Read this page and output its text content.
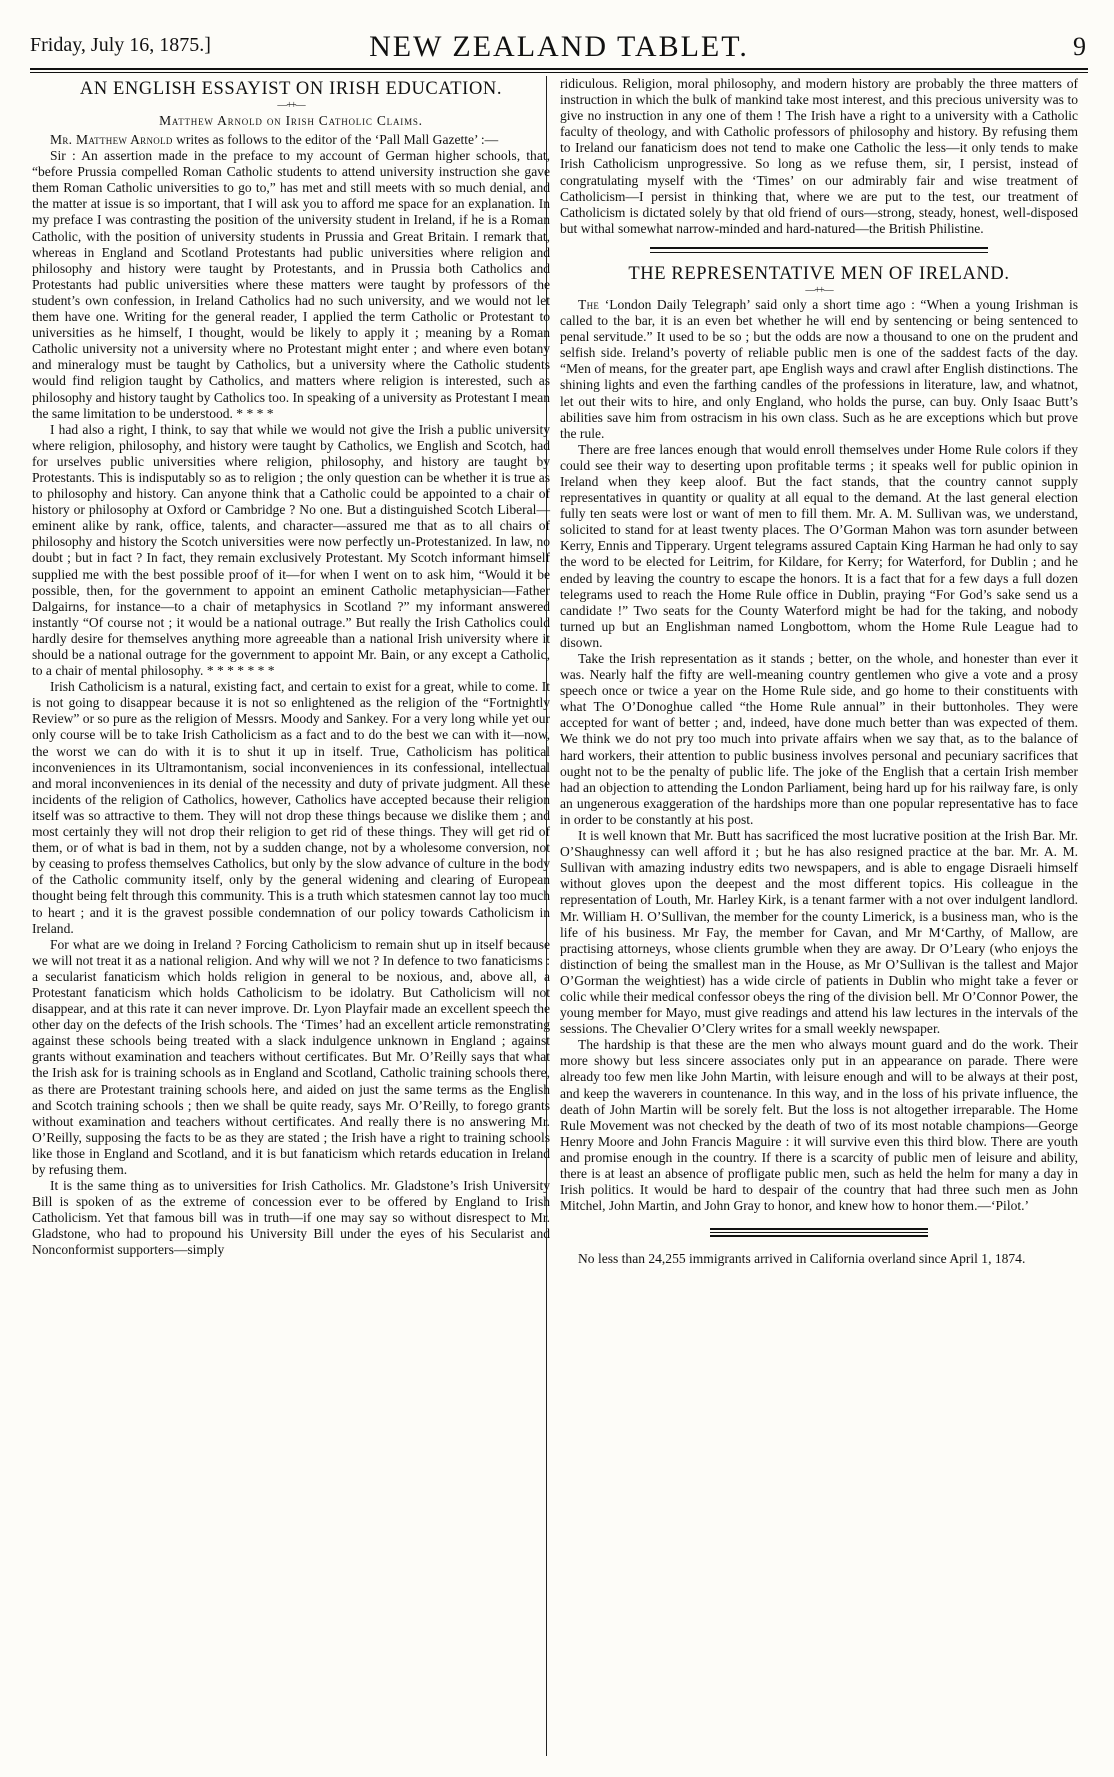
Friday, July 16, 1875.]	NEW ZEALAND TABLET.	9
AN ENGLISH ESSAYIST ON IRISH EDUCATION.
—++—
Matthew Arnold on Irish Catholic Claims.

Mr. Matthew Arnold writes as follows to the editor of the ‘Pall Mall Gazette’ :—

Sir : An assertion made in the preface to my account of German higher schools, that, “before Prussia compelled Roman Catholic students to attend university instruction she gave them Roman Catholic universities to go to,” has met and still meets with so much denial, and the matter at issue is so important, that I will ask you to afford me space for an explanation. In my preface I was contrasting the position of the university student in Ireland, if he is a Roman Catholic, with the position of university students in Prussia and Great Britain. I remark that, whereas in England and Scotland Protestants had public universities where religion and philosophy and history were taught by Protestants, and in Prussia both Catholics and Protestants had public universities where these matters were taught by professors of the student’s own confession, in Ireland Catholics had no such university, and we would not let them have one. Writing for the general reader, I applied the term Catholic or Protestant to universities as he himself, I thought, would be likely to apply it ; meaning by a Roman Catholic university not a university where no Protestant might enter ; and where even botany and mineralogy must be taught by Catholics, but a university where the Catholic students would find religion taught by Catholics, and matters where religion is interested, such as philosophy and history taught by Catholics too. In speaking of a university as Protestant I mean the same limitation to be understood. * * * *

I had also a right, I think, to say that while we would not give the Irish a public university where religion, philosophy, and history were taught by Catholics, we English and Scotch, had for urselves public universities where religion, philosophy, and history are taught by Protestants. This is indisputably so as to religion ; the only question can be whether it is true as to philosophy and history. Can anyone think that a Catholic could be appointed to a chair of history or philosophy at Oxford or Cambridge ? No one. But a distinguished Scotch Liberal—eminent alike by rank, office, talents, and character—assured me that as to all chairs of philosophy and history the Scotch universities were now perfectly un-Protestanized. In law, no doubt ; but in fact ? In fact, they remain exclusively Protestant. My Scotch informant himself supplied me with the best possible proof of it—for when I went on to ask him, “Would it be possible, then, for the government to appoint an eminent Catholic metaphysician—Father Dalgairns, for instance—to a chair of metaphysics in Scotland ?” my informant answered instantly “Of course not ; it would be a national outrage.” But really the Irish Catholics could hardly desire for themselves anything more agreeable than a national Irish university where it should be a national outrage for the government to appoint Mr. Bain, or any except a Catholic, to a chair of mental philosophy. * * * * * * *

Irish Catholicism is a natural, existing fact, and certain to exist for a great, while to come. It is not going to disappear because it is not so enlightened as the religion of the “Fortnightly Review” or so pure as the religion of Messrs. Moody and Sankey. For a very long while yet our only course will be to take Irish Catholicism as a fact and to do the best we can with it—now, the worst we can do with it is to shut it up in itself. True, Catholicism has political inconveniences in its Ultramontanism, social inconveniences in its confessional, intellectual and moral inconveniences in its denial of the necessity and duty of private judgment. All these incidents of the religion of Catholics, however, Catholics have accepted because their religion itself was so attractive to them. They will not drop these things because we dislike them ; and most certainly they will not drop their religion to get rid of these things. They will get rid of them, or of what is bad in them, not by a sudden change, not by a wholesome conversion, not by ceasing to profess themselves Catholics, but only by the slow advance of culture in the body of the Catholic community itself, only by the general widening and clearing of European thought being felt through this community. This is a truth which statesmen cannot lay too much to heart ; and it is the gravest possible condemnation of our policy towards Catholicism in Ireland.

For what are we doing in Ireland ? Forcing Catholicism to remain shut up in itself because we will not treat it as a national religion. And why will we not ? In defence to two fanaticisms : a secularist fanaticism which holds religion in general to be noxious, and, above all, a Protestant fanaticism which holds Catholicism to be idolatry. But Catholicism will not disappear, and at this rate it can never improve. Dr. Lyon Playfair made an excellent speech the other day on the defects of the Irish schools. The ‘Times’ had an excellent article remonstrating against these schools being treated with a slack indulgence unknown in England ; against grants without examination and teachers without certificates. But Mr. O’Reilly says that what the Irish ask for is training schools as in England and Scotland, Catholic training schools there, as there are Protestant training schools here, and aided on just the same terms as the English and Scotch training schools ; then we shall be quite ready, says Mr. O’Reilly, to forego grants without examination and teachers without certificates. And really there is no answering Mr. O’Reilly, supposing the facts to be as they are stated ; the Irish have a right to training schools like those in England and Scotland, and it is but fanaticism which retards education in Ireland by refusing them.

It is the same thing as to universities for Irish Catholics. Mr. Gladstone’s Irish University Bill is spoken of as the extreme of concession ever to be offered by England to Irish Catholicism. Yet that famous bill was in truth—if one may say so without disrespect to Mr. Gladstone, who had to propound his University Bill under the eyes of his Secularist and Nonconformist supporters—simply

ridiculous. Religion, moral philosophy, and modern history are probably the three matters of instruction in which the bulk of mankind take most interest, and this precious university was to give no instruction in any one of them ! The Irish have a right to a university with a Catholic faculty of theology, and with Catholic professors of philosophy and history. By refusing them to Ireland our fanaticism does not tend to make one Catholic the less—it only tends to make Irish Catholicism unprogressive. So long as we refuse them, sir, I persist, instead of congratulating myself with the ‘Times’ on our admirably fair and wise treatment of Catholicism—I persist in thinking that, where we are put to the test, our treatment of Catholicism is dictated solely by that old friend of ours—strong, steady, honest, well-disposed but withal somewhat narrow-minded and hard-natured—the British Philistine.

THE REPRESENTATIVE MEN OF IRELAND.
—++—

The ‘London Daily Telegraph’ said only a short time ago : “When a young Irishman is called to the bar, it is an even bet whether he will end by sentencing or being sentenced to penal servitude.” It used to be so ; but the odds are now a thousand to one on the prudent and selfish side. Ireland’s poverty of reliable public men is one of the saddest facts of the day. “Men of means, for the greater part, ape English ways and crawl after English distinctions. The shining lights and even the farthing candles of the professions in literature, law, and whatnot, let out their wits to hire, and only England, who holds the purse, can buy. Only Isaac Butt’s abilities save him from ostracism in his own class. Such as he are exceptions which but prove the rule.

There are free lances enough that would enroll themselves under Home Rule colors if they could see their way to deserting upon profitable terms ; it speaks well for public opinion in Ireland when they keep aloof. But the fact stands, that the country cannot supply representatives in quantity or quality at all equal to the demand. At the last general election fully ten seats were lost or want of men to fill them. Mr. A. M. Sullivan was, we understand, solicited to stand for at least twenty places. The O’Gorman Mahon was torn asunder between Kerry, Ennis and Tipperary. Urgent telegrams assured Captain King Harman he had only to say the word to be elected for Leitrim, for Kildare, for Kerry; for Waterford, for Dublin ; and he ended by leaving the country to escape the honors. It is a fact that for a few days a full dozen telegrams used to reach the Home Rule office in Dublin, praying “For God’s sake send us a candidate !” Two seats for the County Waterford might be had for the taking, and nobody turned up but an Englishman named Longbottom, whom the Home Rule League had to disown.

Take the Irish representation as it stands ; better, on the whole, and honester than ever it was. Nearly half the fifty are well-meaning country gentlemen who give a vote and a prosy speech once or twice a year on the Home Rule side, and go home to their constituents with what The O’Donoghue called “the Home Rule annual” in their buttonholes. They were accepted for want of better ; and, indeed, have done much better than was expected of them. We think we do not pry too much into private affairs when we say that, as to the balance of hard workers, their attention to public business involves personal and pecuniary sacrifices that ought not to be the penalty of public life. The joke of the English that a certain Irish member had an objection to attending the London Parliament, being hard up for his railway fare, is only an ungenerous exaggeration of the hardships more than one popular representative has to face in order to be constantly at his post.

It is well known that Mr. Butt has sacrificed the most lucrative position at the Irish Bar. Mr. O’Shaughnessy can well afford it ; but he has also resigned practice at the bar. Mr. A. M. Sullivan with amazing industry edits two newspapers, and is able to engage Disraeli himself without gloves upon the deepest and the most different topics. His colleague in the representation of Louth, Mr. Harley Kirk, is a tenant farmer with a not over indulgent landlord. Mr. William H. O’Sullivan, the member for the county Limerick, is a business man, who is the life of his business. Mr Fay, the member for Cavan, and Mr M‘Carthy, of Mallow, are practising attorneys, whose clients grumble when they are away. Dr O’Leary (who enjoys the distinction of being the smallest man in the House, as Mr O’Sullivan is the tallest and Major O’Gorman the weightiest) has a wide circle of patients in Dublin who might take a fever or colic while their medical confessor obeys the ring of the division bell. Mr O’Connor Power, the young member for Mayo, must give readings and attend his law lectures in the intervals of the sessions. The Chevalier O’Clery writes for a small weekly newspaper.

The hardship is that these are the men who always mount guard and do the work. Their more showy but less sincere associates only put in an appearance on parade. There were already too few men like John Martin, with leisure enough and will to be always at their post, and keep the waverers in countenance. In this way, and in the loss of his private influence, the death of John Martin will be sorely felt. But the loss is not altogether irreparable. The Home Rule Movement was not checked by the death of two of its most notable champions—George Henry Moore and John Francis Maguire : it will survive even this third blow. There are youth and promise enough in the country. If there is a scarcity of public men of leisure and ability, there is at least an absence of profligate public men, such as held the helm for many a day in Irish politics. It would be hard to despair of the country that had three such men as John Mitchel, John Martin, and John Gray to honor, and knew how to honor them.—‘Pilot.’

No less than 24,255 immigrants arrived in California overland since April 1, 1874.
